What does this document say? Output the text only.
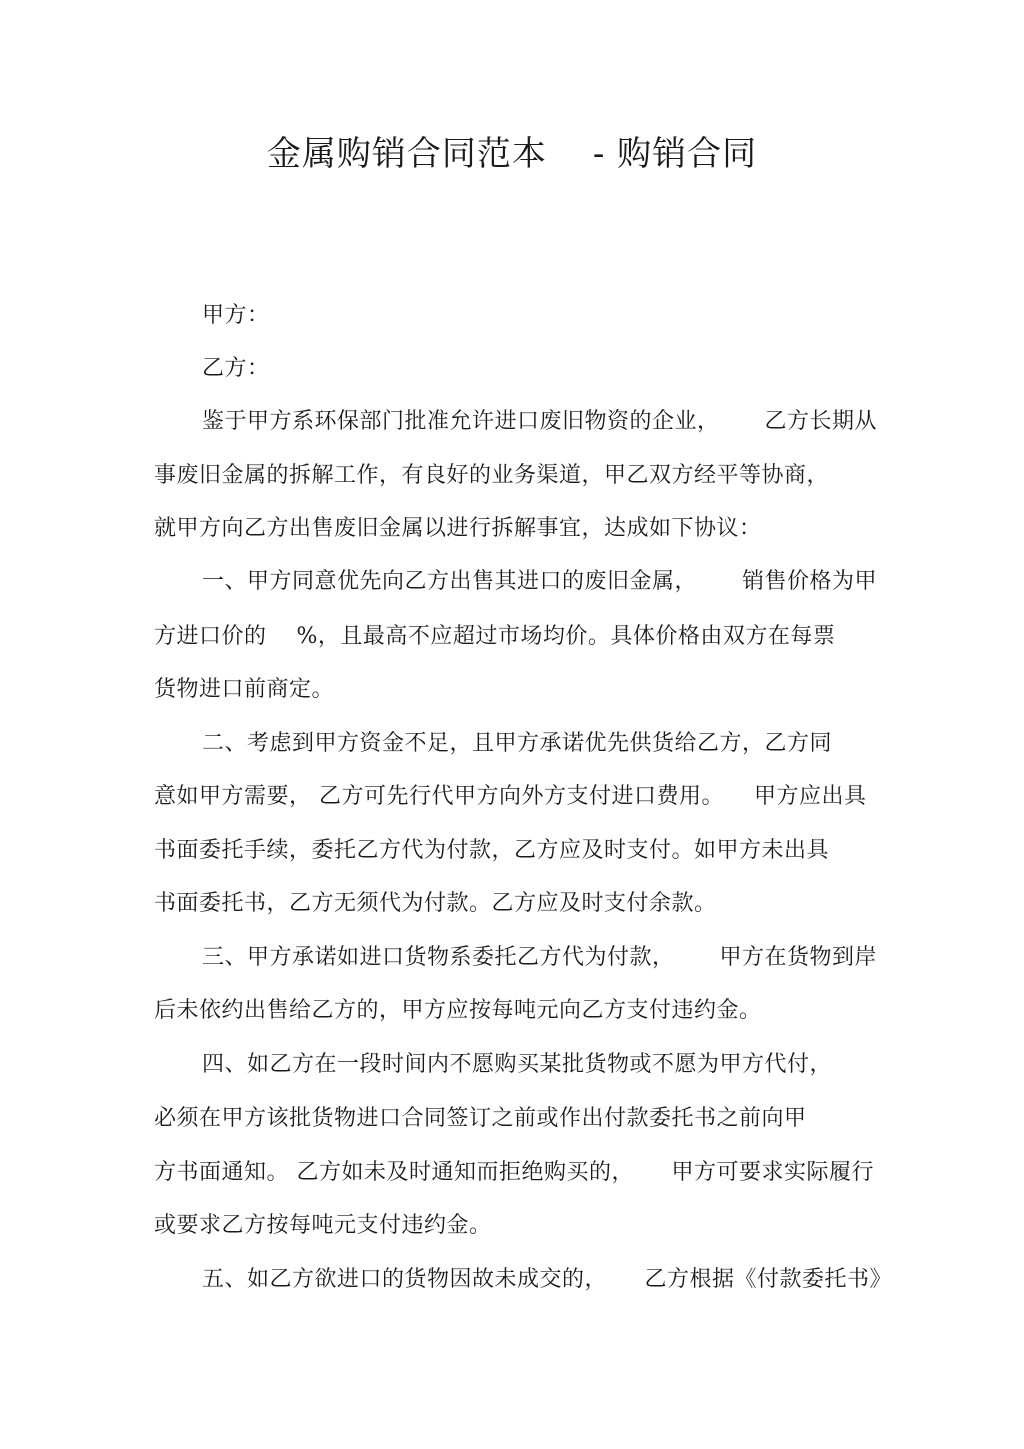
金属购销合同范本 - 购销合同
甲方：
乙方：
鉴于甲方系环保部门批准允许进口废旧物资的企业，      乙方长期从
事废旧金属的拆解工作，有良好的业务渠道，甲乙双方经平等协商，
就甲方向乙方出售废旧金属以进行拆解事宜，达成如下协议：
一、甲方同意优先向乙方出售其进口的废旧金属，      销售价格为甲
方进口价的    %，且最高不应超过市场均价。具体价格由双方在每票
货物进口前商定。
二、考虑到甲方资金不足，且甲方承诺优先供货给乙方，乙方同
意如甲方需要， 乙方可先行代甲方向外方支付进口费用。    甲方应出具
书面委托手续，委托乙方代为付款，乙方应及时支付。如甲方未出具
书面委托书，乙方无须代为付款。乙方应及时支付余款。
三、甲方承诺如进口货物系委托乙方代为付款，      甲方在货物到岸
后未依约出售给乙方的，甲方应按每吨元向乙方支付违约金。
四、如乙方在一段时间内不愿购买某批货物或不愿为甲方代付，
必须在甲方该批货物进口合同签订之前或作出付款委托书之前向甲
方书面通知。 乙方如未及时通知而拒绝购买的，     甲方可要求实际履行
或要求乙方按每吨元支付违约金。
五、如乙方欲进口的货物因故未成交的，     乙方根据《付款委托书》
